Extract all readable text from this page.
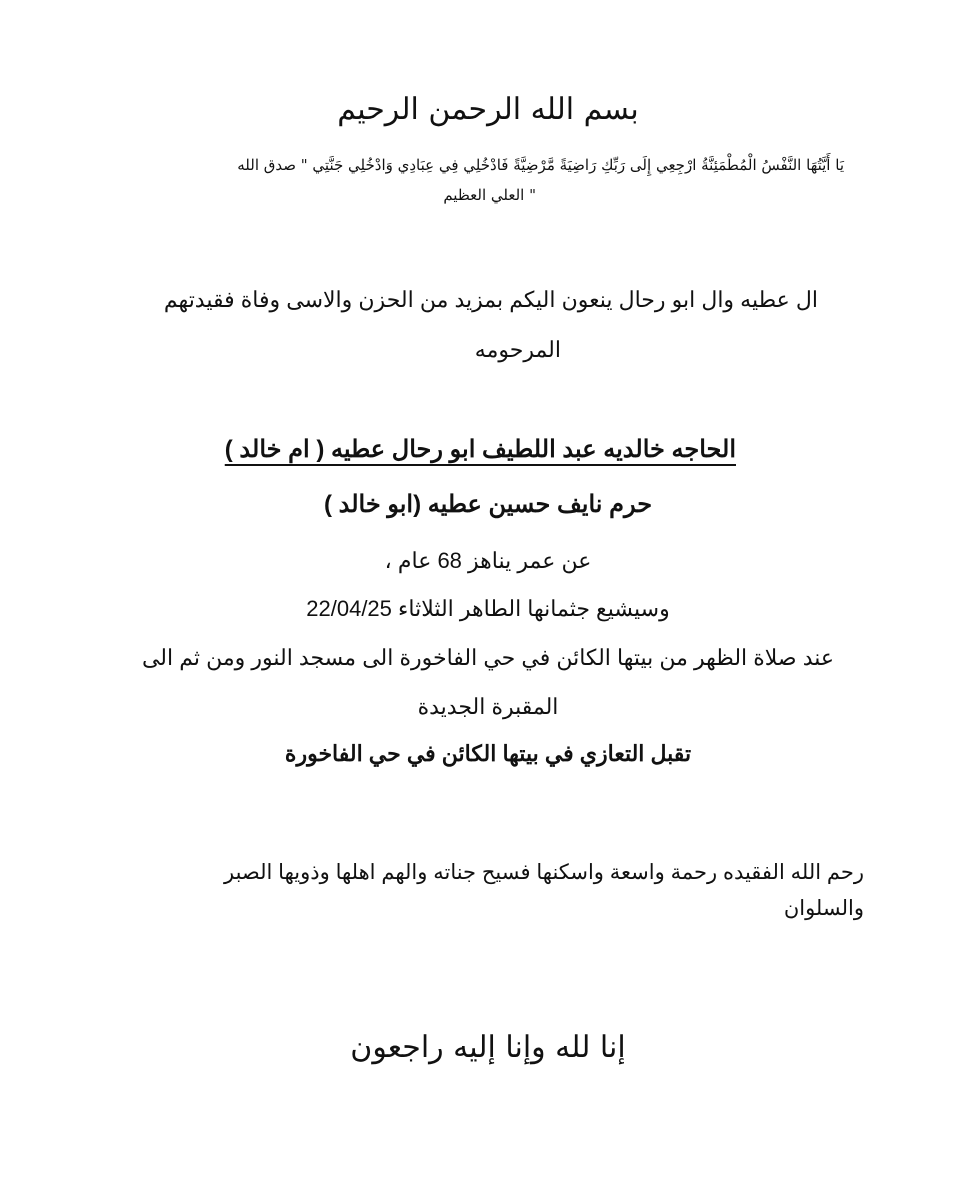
بسم الله الرحمن الرحيم

يَا أَيَّتُهَا النَّفْسُ الْمُطْمَئِنَّةُ ارْجِعِي إِلَى رَبِّكِ رَاضِيَةً مَّرْضِيَّةً فَادْخُلِي فِي عِبَادِي وَادْخُلِي جَنَّتِي " صدق الله

" العلي العظيم

ال عطيه وال ابو رحال ينعون اليكم بمزيد من الحزن والاسى وفاة فقيدتهم

المرحومه

الحاجه خالديه عبد اللطيف ابو رحال عطيه ( ام خالد )

حرم نايف حسين عطيه (ابو خالد )

عن عمر يناهز 68 عام ،

وسيشيع جثمانها الطاهر الثلاثاء 22/04/25

عند صلاة الظهر من بيتها الكائن في حي الفاخورة الى مسجد النور ومن ثم الى

المقبرة الجديدة

تقبل التعازي في بيتها الكائن في حي الفاخورة

رحم الله الفقيده رحمة واسعة واسكنها فسيح جناته والهم اهلها وذويها الصبر

والسلوان

إنا لله وإنا إليه راجعون
